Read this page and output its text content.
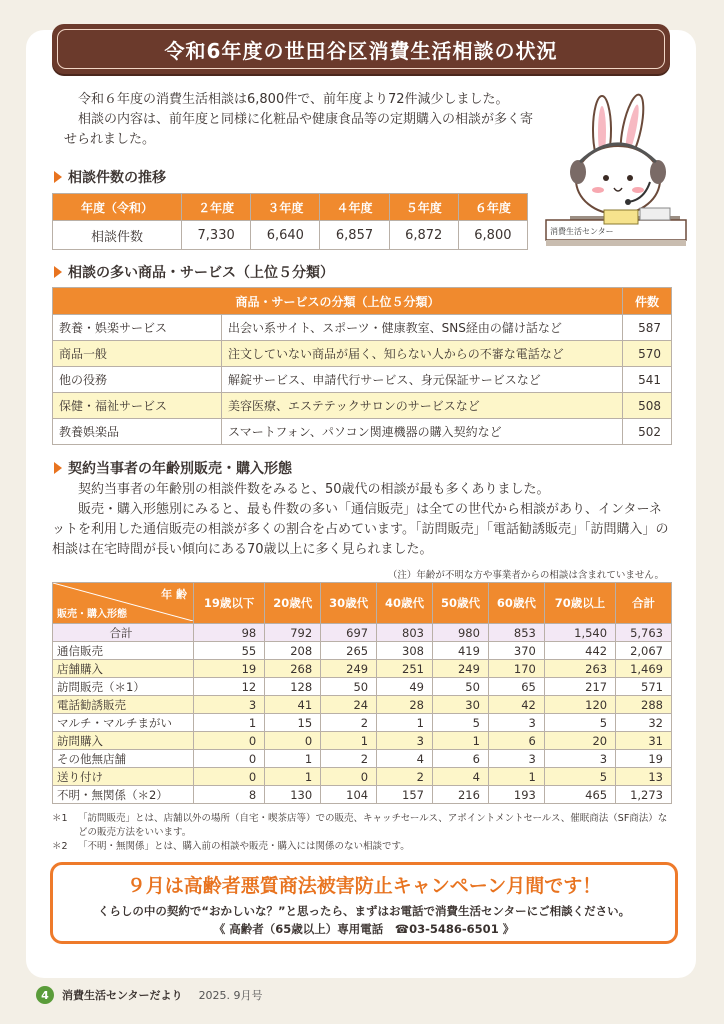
令和6年度の世田谷区消費生活相談の状況

令和６年度の消費生活相談は6,800件で、前年度より72件減少しました。

相談の内容は、前年度と同様に化粧品や健康食品等の定期購入の相談が多く寄せられました。

消費生活センター
相談件数の推移
年度（令和）	２年度	３年度	４年度	５年度	６年度
相談件数	7,330	6,640	6,857	6,872	6,800
相談の多い商品・サービス（上位５分類）
商品・サービスの分類（上位５分類）		件数
教養・娯楽サービス	出会い系サイト、スポーツ・健康教室、SNS経由の儲け話など	587
商品一般	注文していない商品が届く、知らない人からの不審な電話など	570
他の役務	解錠サービス、申請代行サービス、身元保証サービスなど	541
保健・福祉サービス	美容医療、エステテックサロンのサービスなど	508
教養娯楽品	スマートフォン、パソコン関連機器の購入契約など	502
契約当事者の年齢別販売・購入形態

契約当事者の年齢別の相談件数をみると、50歳代の相談が最も多くありました。

販売・購入形態別にみると、最も件数の多い「通信販売」は全ての世代から相談があり、インターネットを利用した通信販売の相談が多くの割合を占めています。「訪問販売」「電話勧誘販売」「訪問購入」の相談は在宅時間が長い傾向にある70歳以上に多く見られました。

（注）年齢が不明な方や事業者からの相談は含まれていません。
年 齢
販売・購入形態	19歳以下	20歳代	30歳代	40歳代	50歳代	60歳代	70歳以上	合計
合計	98	792	697	803	980	853	1,540	5,763
通信販売	55	208	265	308	419	370	442	2,067
店舗購入	19	268	249	251	249	170	263	1,469
訪問販売（＊1）	12	128	50	49	50	65	217	571
電話勧誘販売	3	41	24	28	30	42	120	288
マルチ・マルチまがい	1	15	2	1	5	3	5	32
訪問購入	0	0	1	3	1	6	20	31
その他無店舗	0	1	2	4	6	3	3	19
送り付け	0	1	0	2	4	1	5	13
不明・無関係（＊2）	8	130	104	157	216	193	465	1,273
＊1	「訪問販売」とは、店舗以外の場所（自宅・喫茶店等）での販売、キャッチセールス、アポイントメントセールス、催眠商法（SF商法）などの販売方法をいいます。
＊2	「不明・無関係」とは、購入前の相談や販売・購入には関係のない相談です。
９月は高齢者悪質商法被害防止キャンペーン月間です！
くらしの中の契約で“おかしいな？”と思ったら、まずはお電話で消費生活センターにご相談ください。
《 高齢者（65歳以上）専用電話　☎03-5486-6501 》
4	消費生活センターだより 2025. 9月号
